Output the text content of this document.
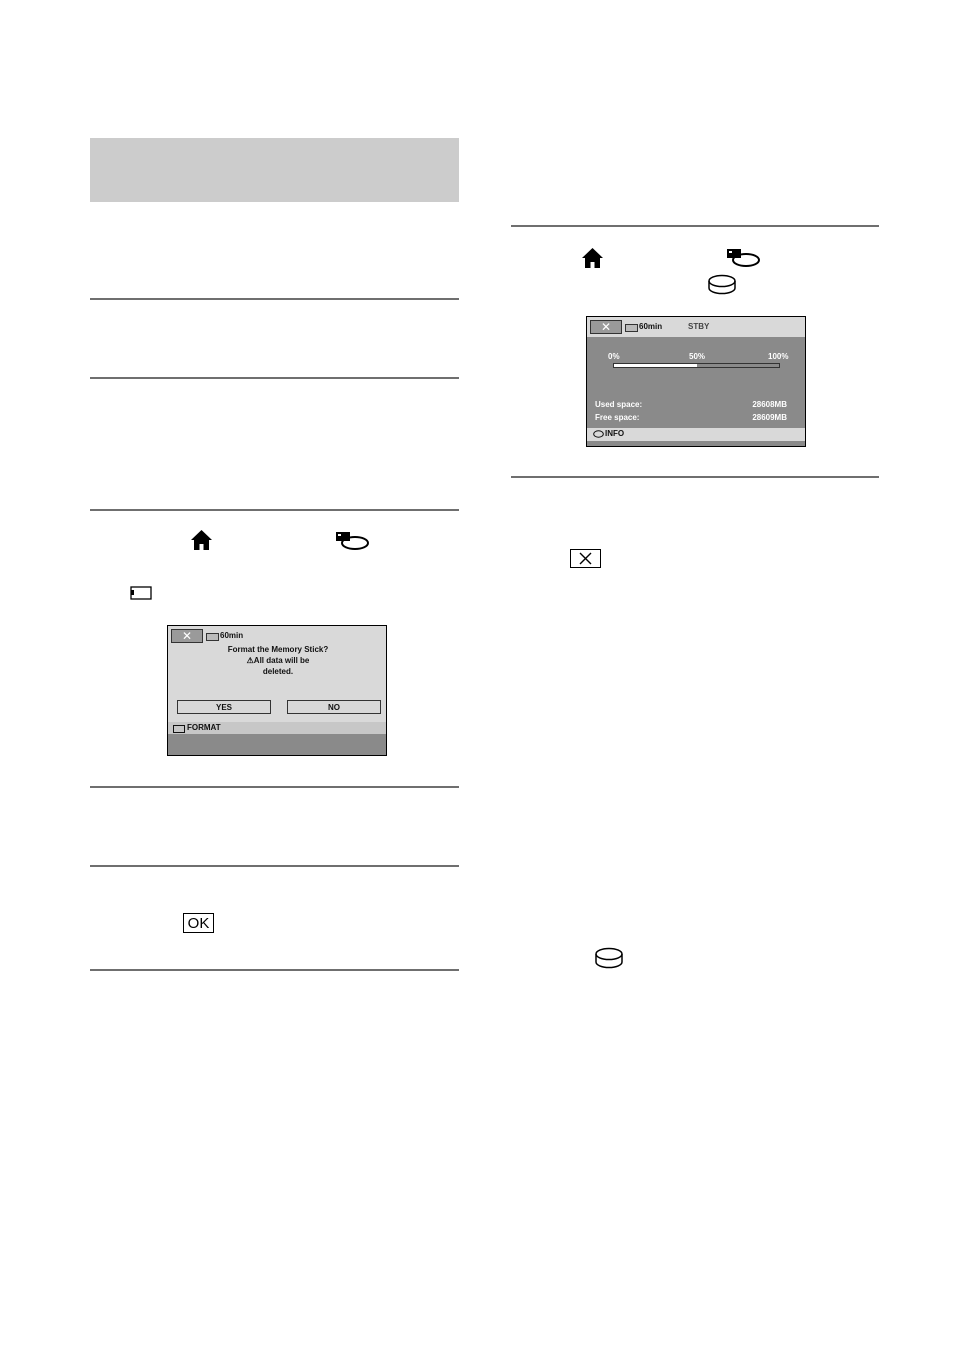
✕	60min
Format the Memory Stick?
⚠All data will be
deleted.
YES	NO
FORMAT
OK
✕	60min	STBY
0%	50%	100%
Used space:	28608MB
Free space:	28609MB
INFO
